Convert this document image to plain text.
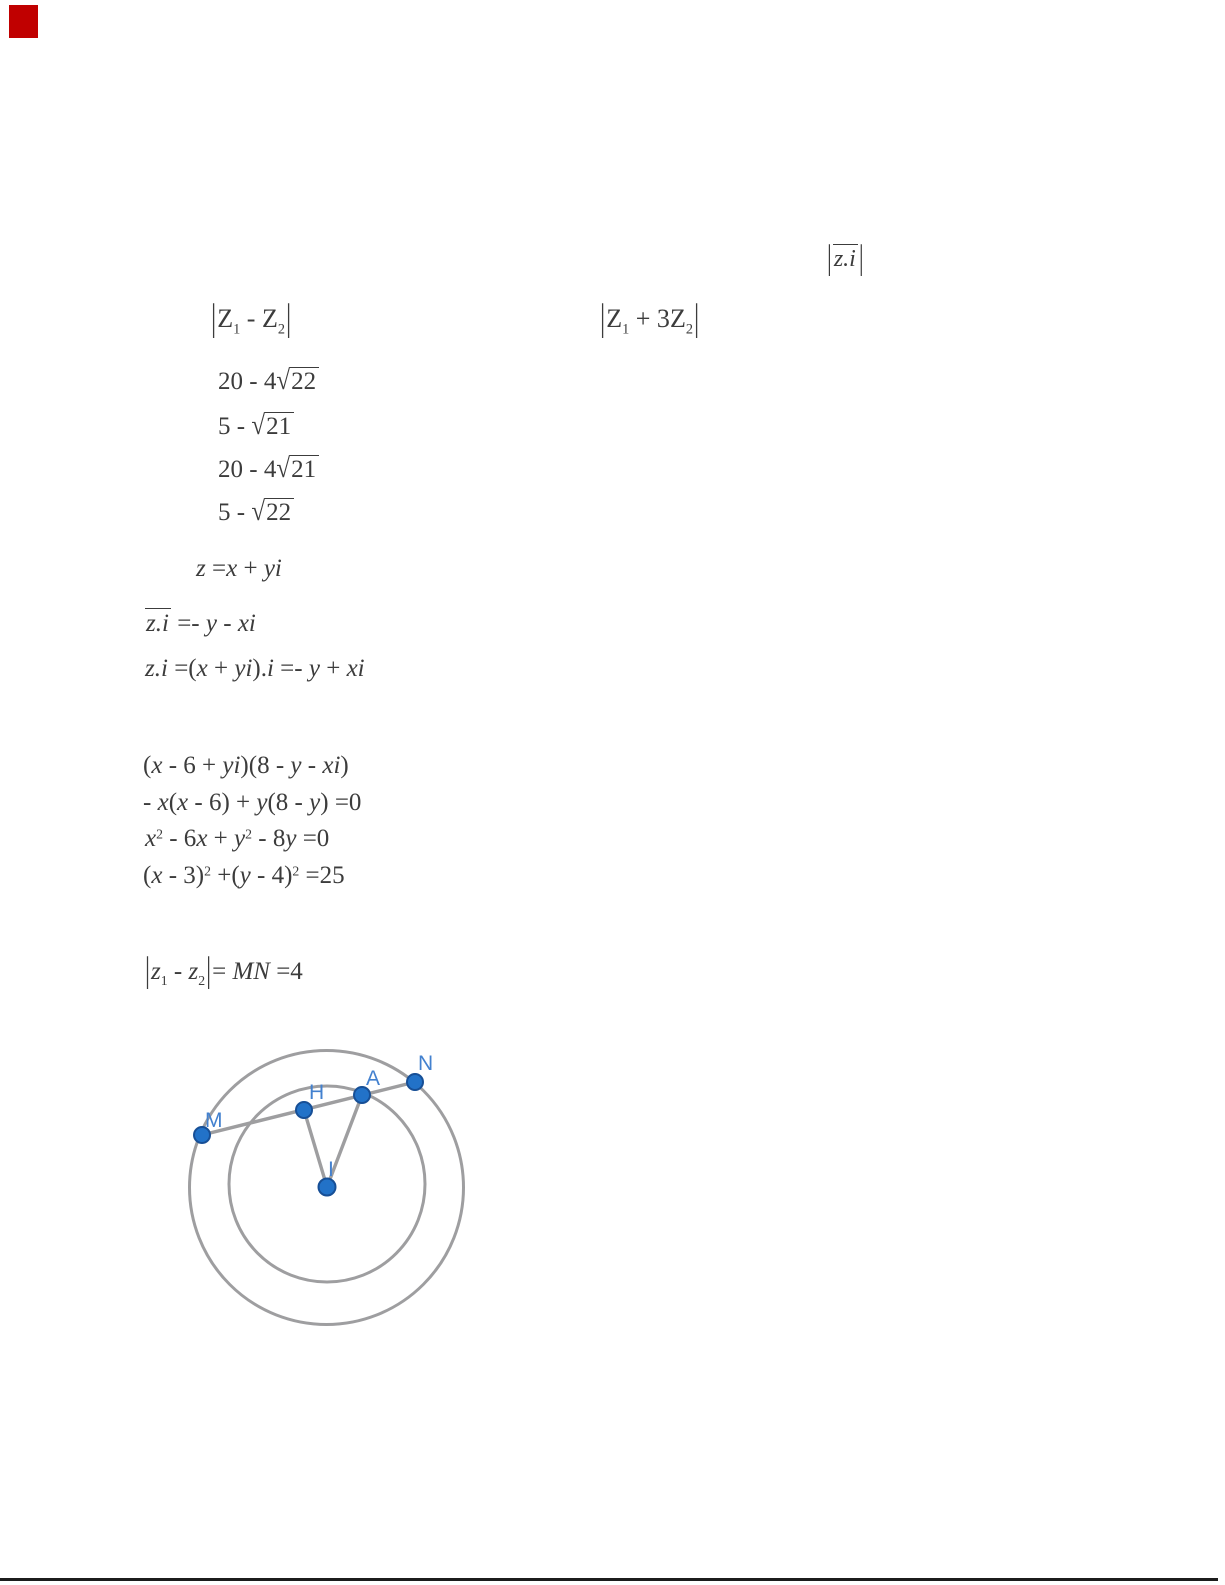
|z.i |
$|Z_1 - Z_2|$	$|Z_1 + 3Z_2|$
20 - 4√22
5 - √21
20 - 4√21
5 - √22
z =x + yi
z.i =- y - xi
z.i =(x + yi).i =- y + xi
(x - 6 + yi)(8 - y - xi)
- x(x - 6) + y(8 - y) =0
$x^2 - 6x + y^2 - 8y =0$
(x - 3)$^2$ +(y - 4)$^2$ =25
$|z_1 - z_2|=$ MN =4
M
H
A
N
I
